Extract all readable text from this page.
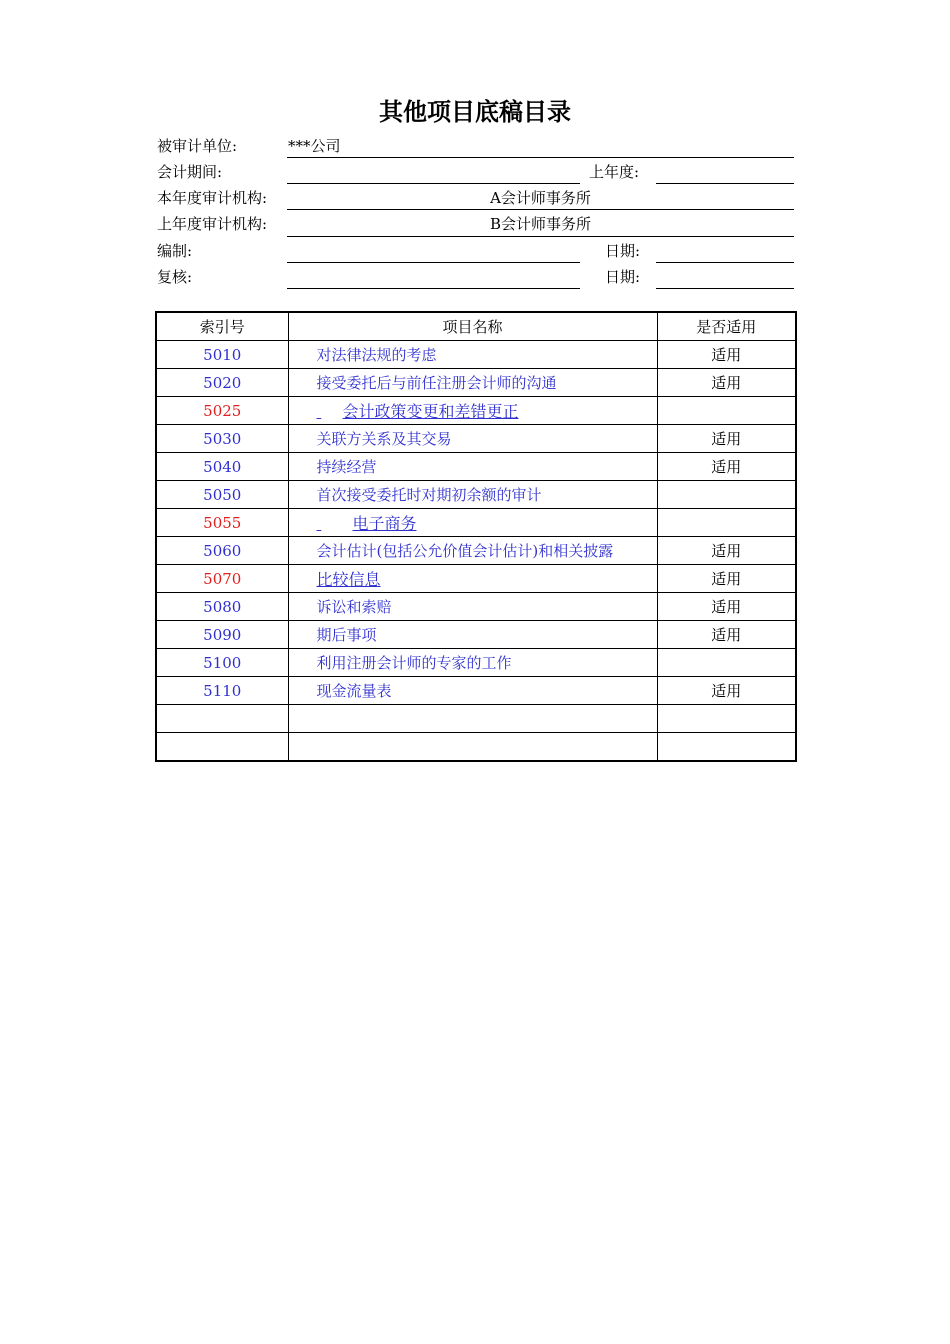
其他项目底稿目录
被审计单位:	***公司
会计期间:	上年度:
本年度审计机构:	A会计师事务所
上年度审计机构:	B会计师事务所
编制:	日期:
复核:	日期:
索引号	项目名称	是否适用
5010	对法律法规的考虑	适用
5020	接受委托后与前任注册会计师的沟通	适用
5025	会计政策变更和差错更正	
5030	关联方关系及其交易	适用
5040	持续经营	适用
5050	首次接受委托时对期初余额的审计	
5055	电子商务	
5060	会计估计(包括公允价值会计估计)和相关披露	适用
5070	比较信息	适用
5080	诉讼和索赔	适用
5090	期后事项	适用
5100	利用注册会计师的专家的工作	
5110	现金流量表	适用
